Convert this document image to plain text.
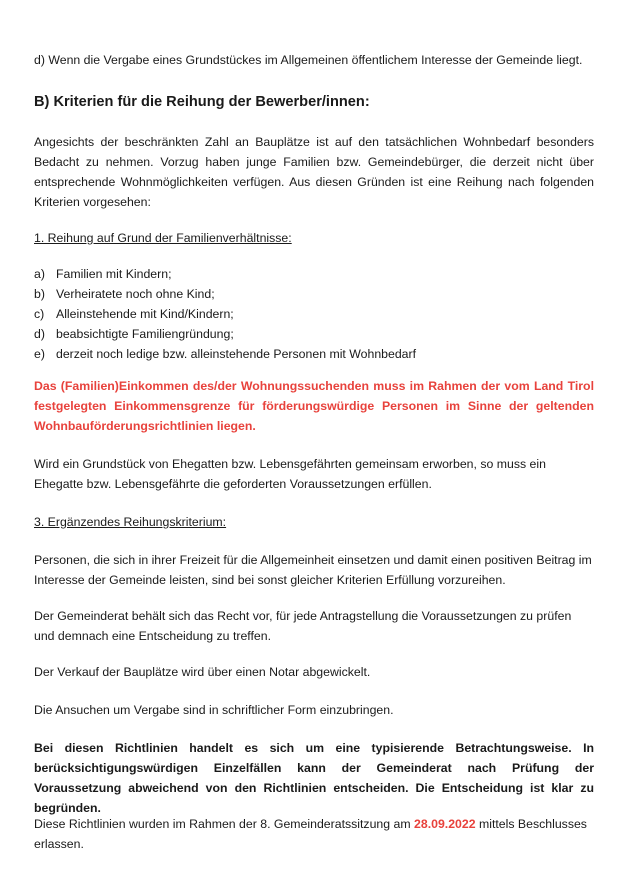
d) Wenn die Vergabe eines Grundstückes im Allgemeinen öffentlichem Interesse der Gemeinde liegt.

B) Kriterien für die Reihung der Bewerber/innen:

Angesichts der beschränkten Zahl an Bauplätze ist auf den tatsächlichen Wohnbedarf besonders Bedacht zu nehmen. Vorzug haben junge Familien bzw. Gemeindebürger, die derzeit nicht über entsprechende Wohnmöglichkeiten verfügen. Aus diesen Gründen ist eine Reihung nach folgenden Kriterien vorgesehen:

1. Reihung auf Grund der Familienverhältnisse:

a) Familien mit Kindern;
b) Verheiratete noch ohne Kind;
c) Alleinstehende mit Kind/Kindern;
d) beabsichtigte Familiengründung;
e) derzeit noch ledige bzw. alleinstehende Personen mit Wohnbedarf

Das (Familien)Einkommen des/der Wohnungssuchenden muss im Rahmen der vom Land Tirol festgelegten Einkommensgrenze für förderungswürdige Personen im Sinne der geltenden Wohnbauförderungsrichtlinien liegen.

Wird ein Grundstück von Ehegatten bzw. Lebensgefährten gemeinsam erworben, so muss ein Ehegatte bzw. Lebensgefährte die geforderten Voraussetzungen erfüllen.

3. Ergänzendes Reihungskriterium:

Personen, die sich in ihrer Freizeit für die Allgemeinheit einsetzen und damit einen positiven Beitrag im Interesse der Gemeinde leisten, sind bei sonst gleicher Kriterien Erfüllung vorzureihen.

Der Gemeinderat behält sich das Recht vor, für jede Antragstellung die Voraussetzungen zu prüfen und demnach eine Entscheidung zu treffen.

Der Verkauf der Bauplätze wird über einen Notar abgewickelt.

Die Ansuchen um Vergabe sind in schriftlicher Form einzubringen.

Bei diesen Richtlinien handelt es sich um eine typisierende Betrachtungsweise. In berücksichtigungswürdigen Einzelfällen kann der Gemeinderat nach Prüfung der Voraussetzung abweichend von den Richtlinien entscheiden. Die Entscheidung ist klar zu begründen.

Diese Richtlinien wurden im Rahmen der 8. Gemeinderatssitzung am 28.09.2022 mittels Beschlusses erlassen.
